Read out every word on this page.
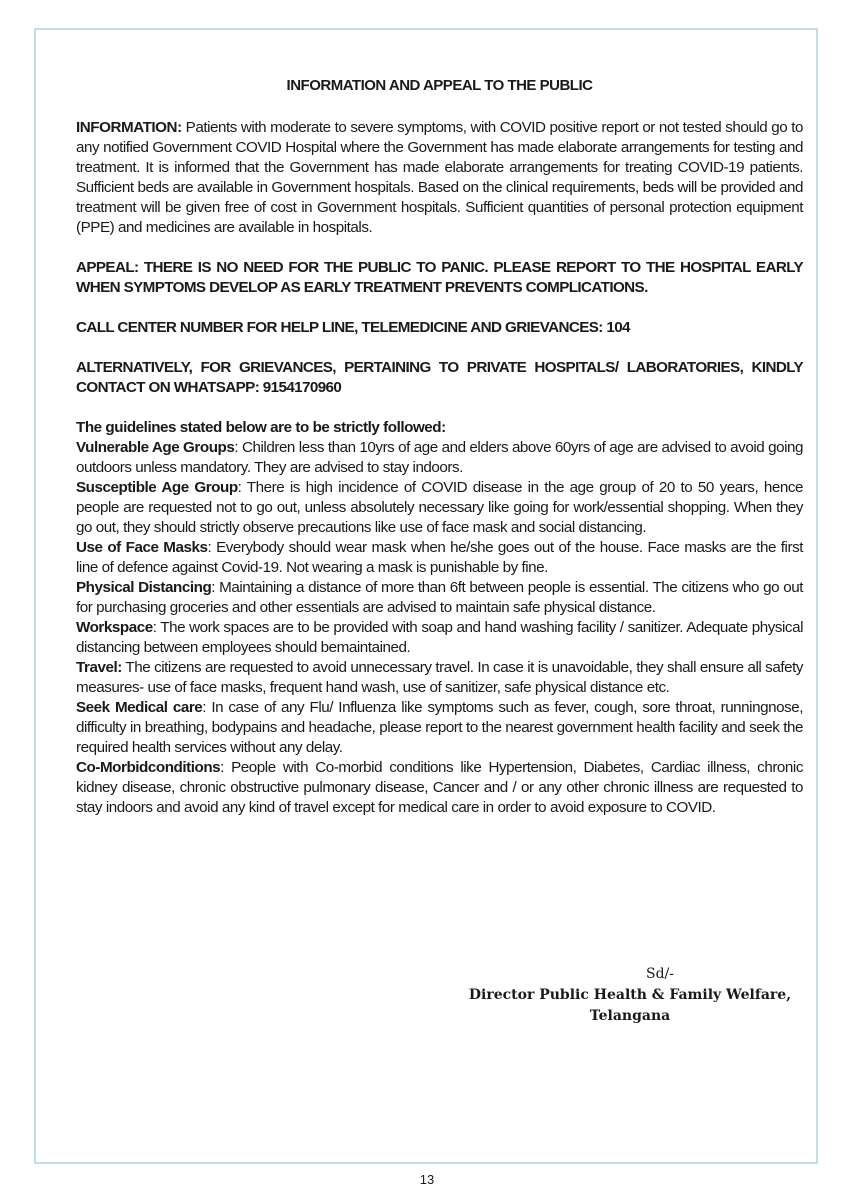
INFORMATION AND APPEAL TO THE PUBLIC

INFORMATION: Patients with moderate to severe symptoms, with COVID positive report or not tested should go to any notified Government COVID Hospital where the Government has made elaborate arrangements for testing and treatment. It is informed that the Government has made elaborate arrangements for treating COVID-19 patients. Sufficient beds are available in Government hospitals. Based on the clinical requirements, beds will be provided and treatment will be given free of cost in Government hospitals. Sufficient quantities of personal protection equipment (PPE) and medicines are available in hospitals.

APPEAL: THERE IS NO NEED FOR THE PUBLIC TO PANIC. PLEASE REPORT TO THE HOSPITAL EARLY WHEN SYMPTOMS DEVELOP AS EARLY TREATMENT PREVENTS COMPLICATIONS.

CALL CENTER NUMBER FOR HELP LINE, TELEMEDICINE AND GRIEVANCES: 104

ALTERNATIVELY, FOR GRIEVANCES, PERTAINING TO PRIVATE HOSPITALS/ LABORATORIES, KINDLY CONTACT ON WHATSAPP: 9154170960

The guidelines stated below are to be strictly followed:

Vulnerable Age Groups: Children less than 10yrs of age and elders above 60yrs of age are advised to avoid going outdoors unless mandatory. They are advised to stay indoors.

Susceptible Age Group: There is high incidence of COVID disease in the age group of 20 to 50 years, hence people are requested not to go out, unless absolutely necessary like going for work/essential shopping. When they go out, they should strictly observe precautions like use of face mask and social distancing.

Use of Face Masks: Everybody should wear mask when he/she goes out of the house. Face masks are the first line of defence against Covid-19. Not wearing a mask is punishable by fine.

Physical Distancing: Maintaining a distance of more than 6ft between people is essential. The citizens who go out for purchasing groceries and other essentials are advised to maintain safe physical distance.

Workspace: The work spaces are to be provided with soap and hand washing facility / sanitizer. Adequate physical distancing between employees should bemaintained.

Travel: The citizens are requested to avoid unnecessary travel. In case it is unavoidable, they shall ensure all safety measures- use of face masks, frequent hand wash, use of sanitizer, safe physical distance etc.

Seek Medical care: In case of any Flu/ Influenza like symptoms such as fever, cough, sore throat, runningnose, difficulty in breathing, bodypains and headache, please report to the nearest government health facility and seek the required health services without any delay.

Co-Morbidconditions: People with Co-morbid conditions like Hypertension, Diabetes, Cardiac illness, chronic kidney disease, chronic obstructive pulmonary disease, Cancer and / or any other chronic illness are requested to stay indoors and avoid any kind of travel except for medical care in order to avoid exposure to COVID.

Sd/-
Director Public Health & Family Welfare,
Telangana
13
